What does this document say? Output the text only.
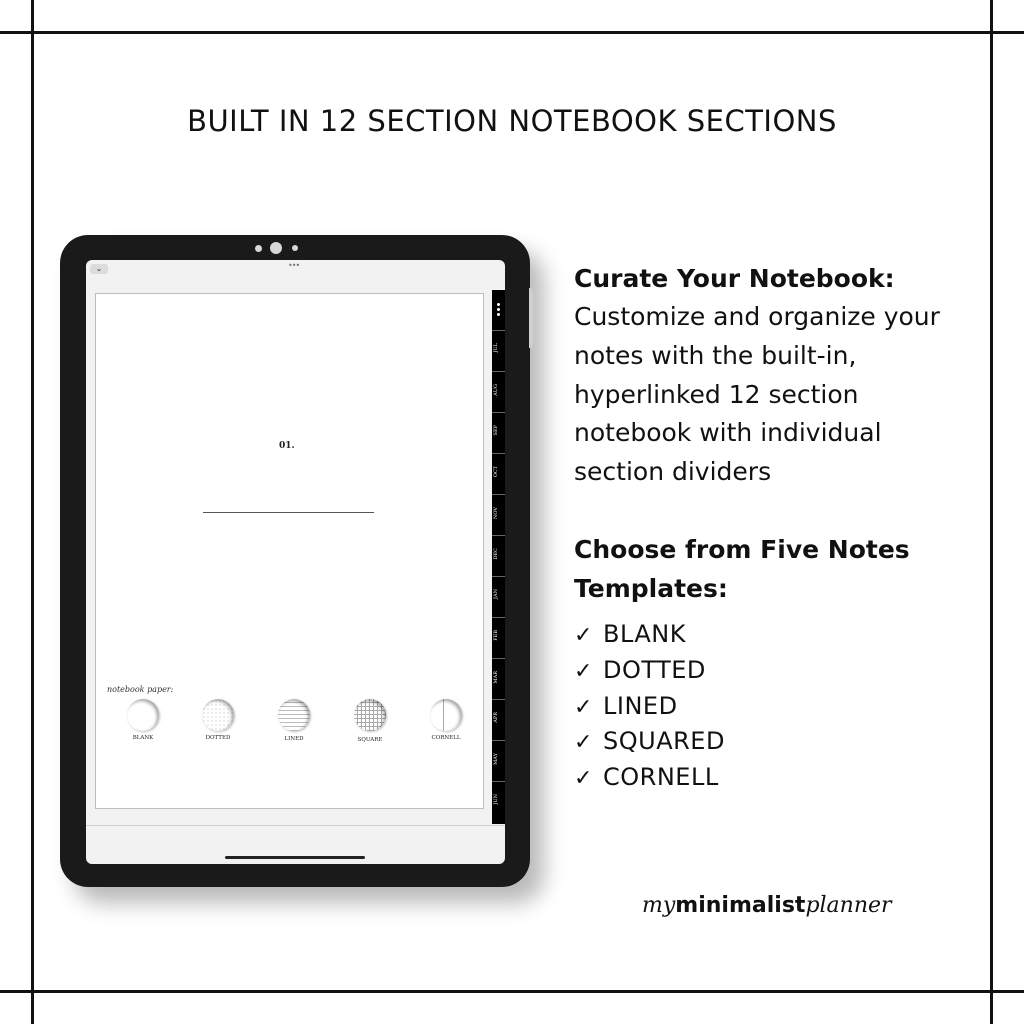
BUILT IN 12 SECTION NOTEBOOK SECTIONS
⌄	•••
JUL
AUG
SEP
OCT
NOV
DEC
JAN
FEB
MAR
APR
MAY
JUN
01.
notebook paper:
BLANK	DOTTED	LINED	SQUARE	CORNELL
Curate Your Notebook:
Customize and organize your notes with the built-in, hyperlinked 12 section notebook with individual section dividers
Choose from Five Notes
Templates:
✓ BLANK
✓ DOTTED
✓ LINED
✓ SQUARED
✓ CORNELL
myminimalistplanner
